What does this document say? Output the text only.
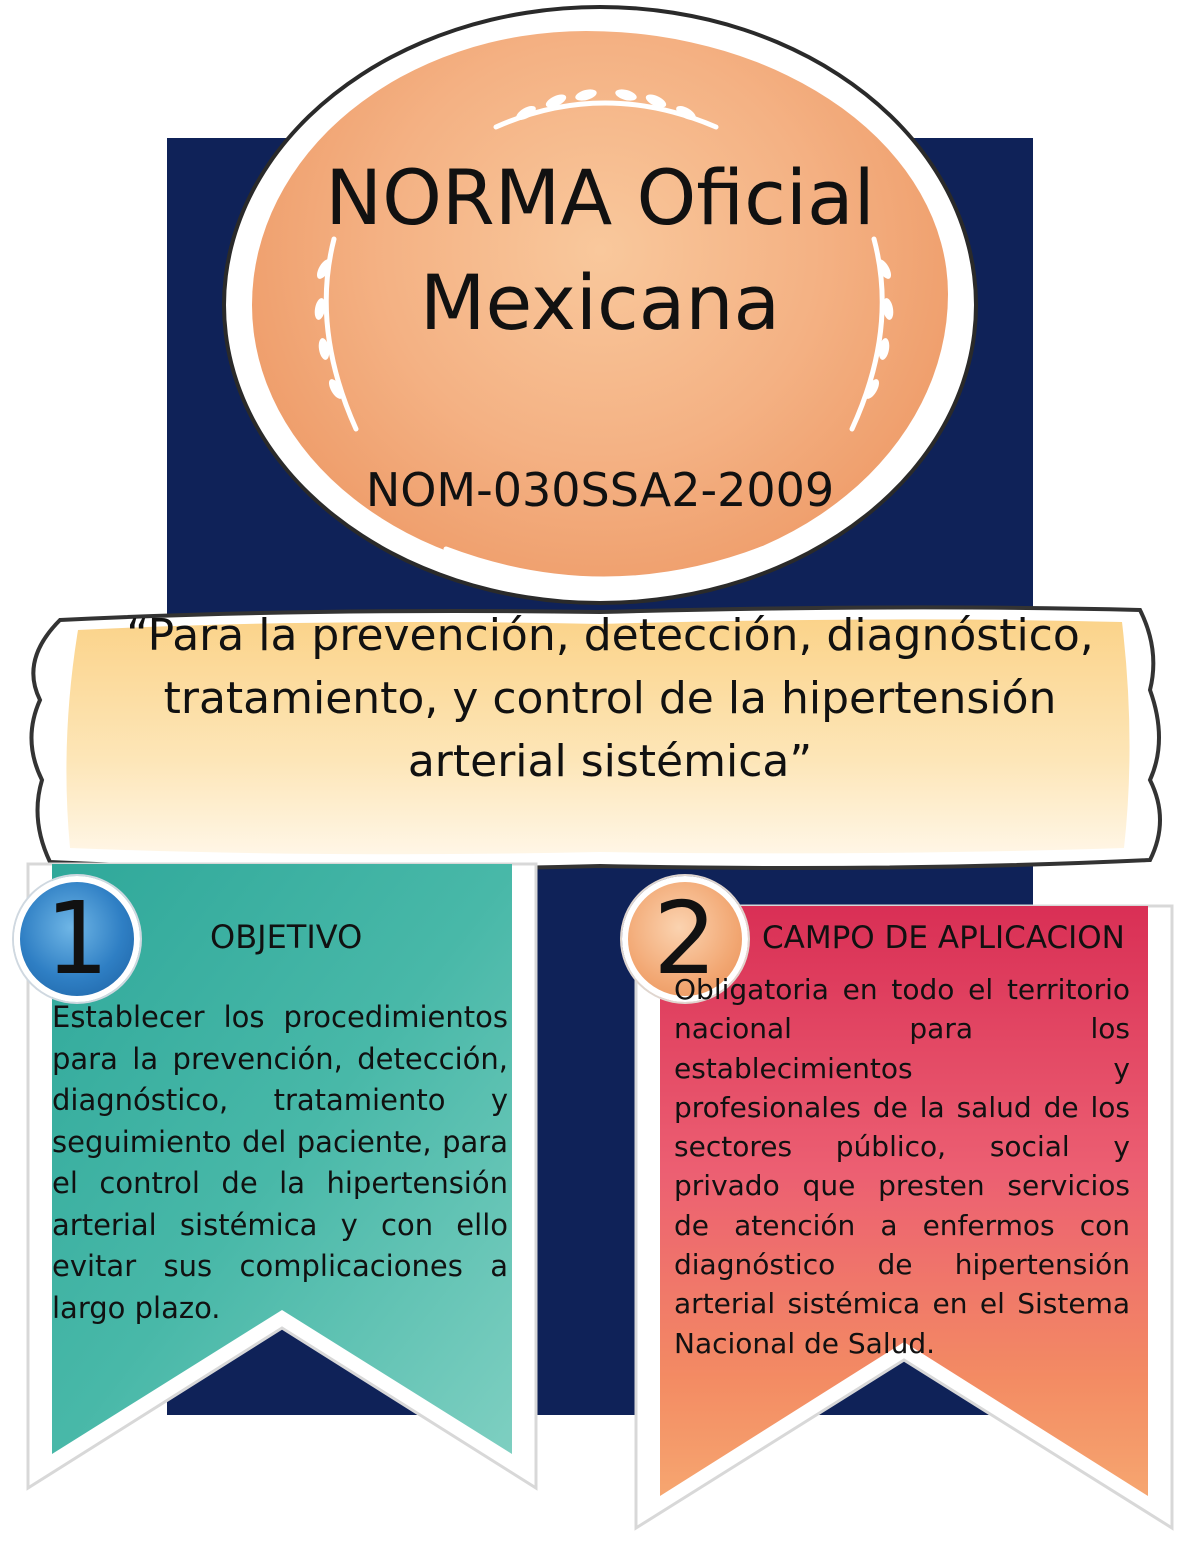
NORMA Oficial
Mexicana
NOM-030SSA2-2009
“Para la prevención, detección, diagnóstico, tratamiento, y control de la hipertensión arterial sistémica”
1	2
OBJETIVO	CAMPO DE APLICACION
Establecer los procedimientos para la prevención, detección, diagnóstico, tratamiento y seguimiento del paciente, para el control de la hipertensión arterial sistémica y con ello evitar sus complicaciones a largo plazo.
Obligatoria en todo el territorio nacional para los establecimientos y profesionales de la salud de los sectores público, social y privado que presten servicios de atención a enfermos con diagnóstico de hipertensión arterial sistémica en el Sistema Nacional de Salud.
